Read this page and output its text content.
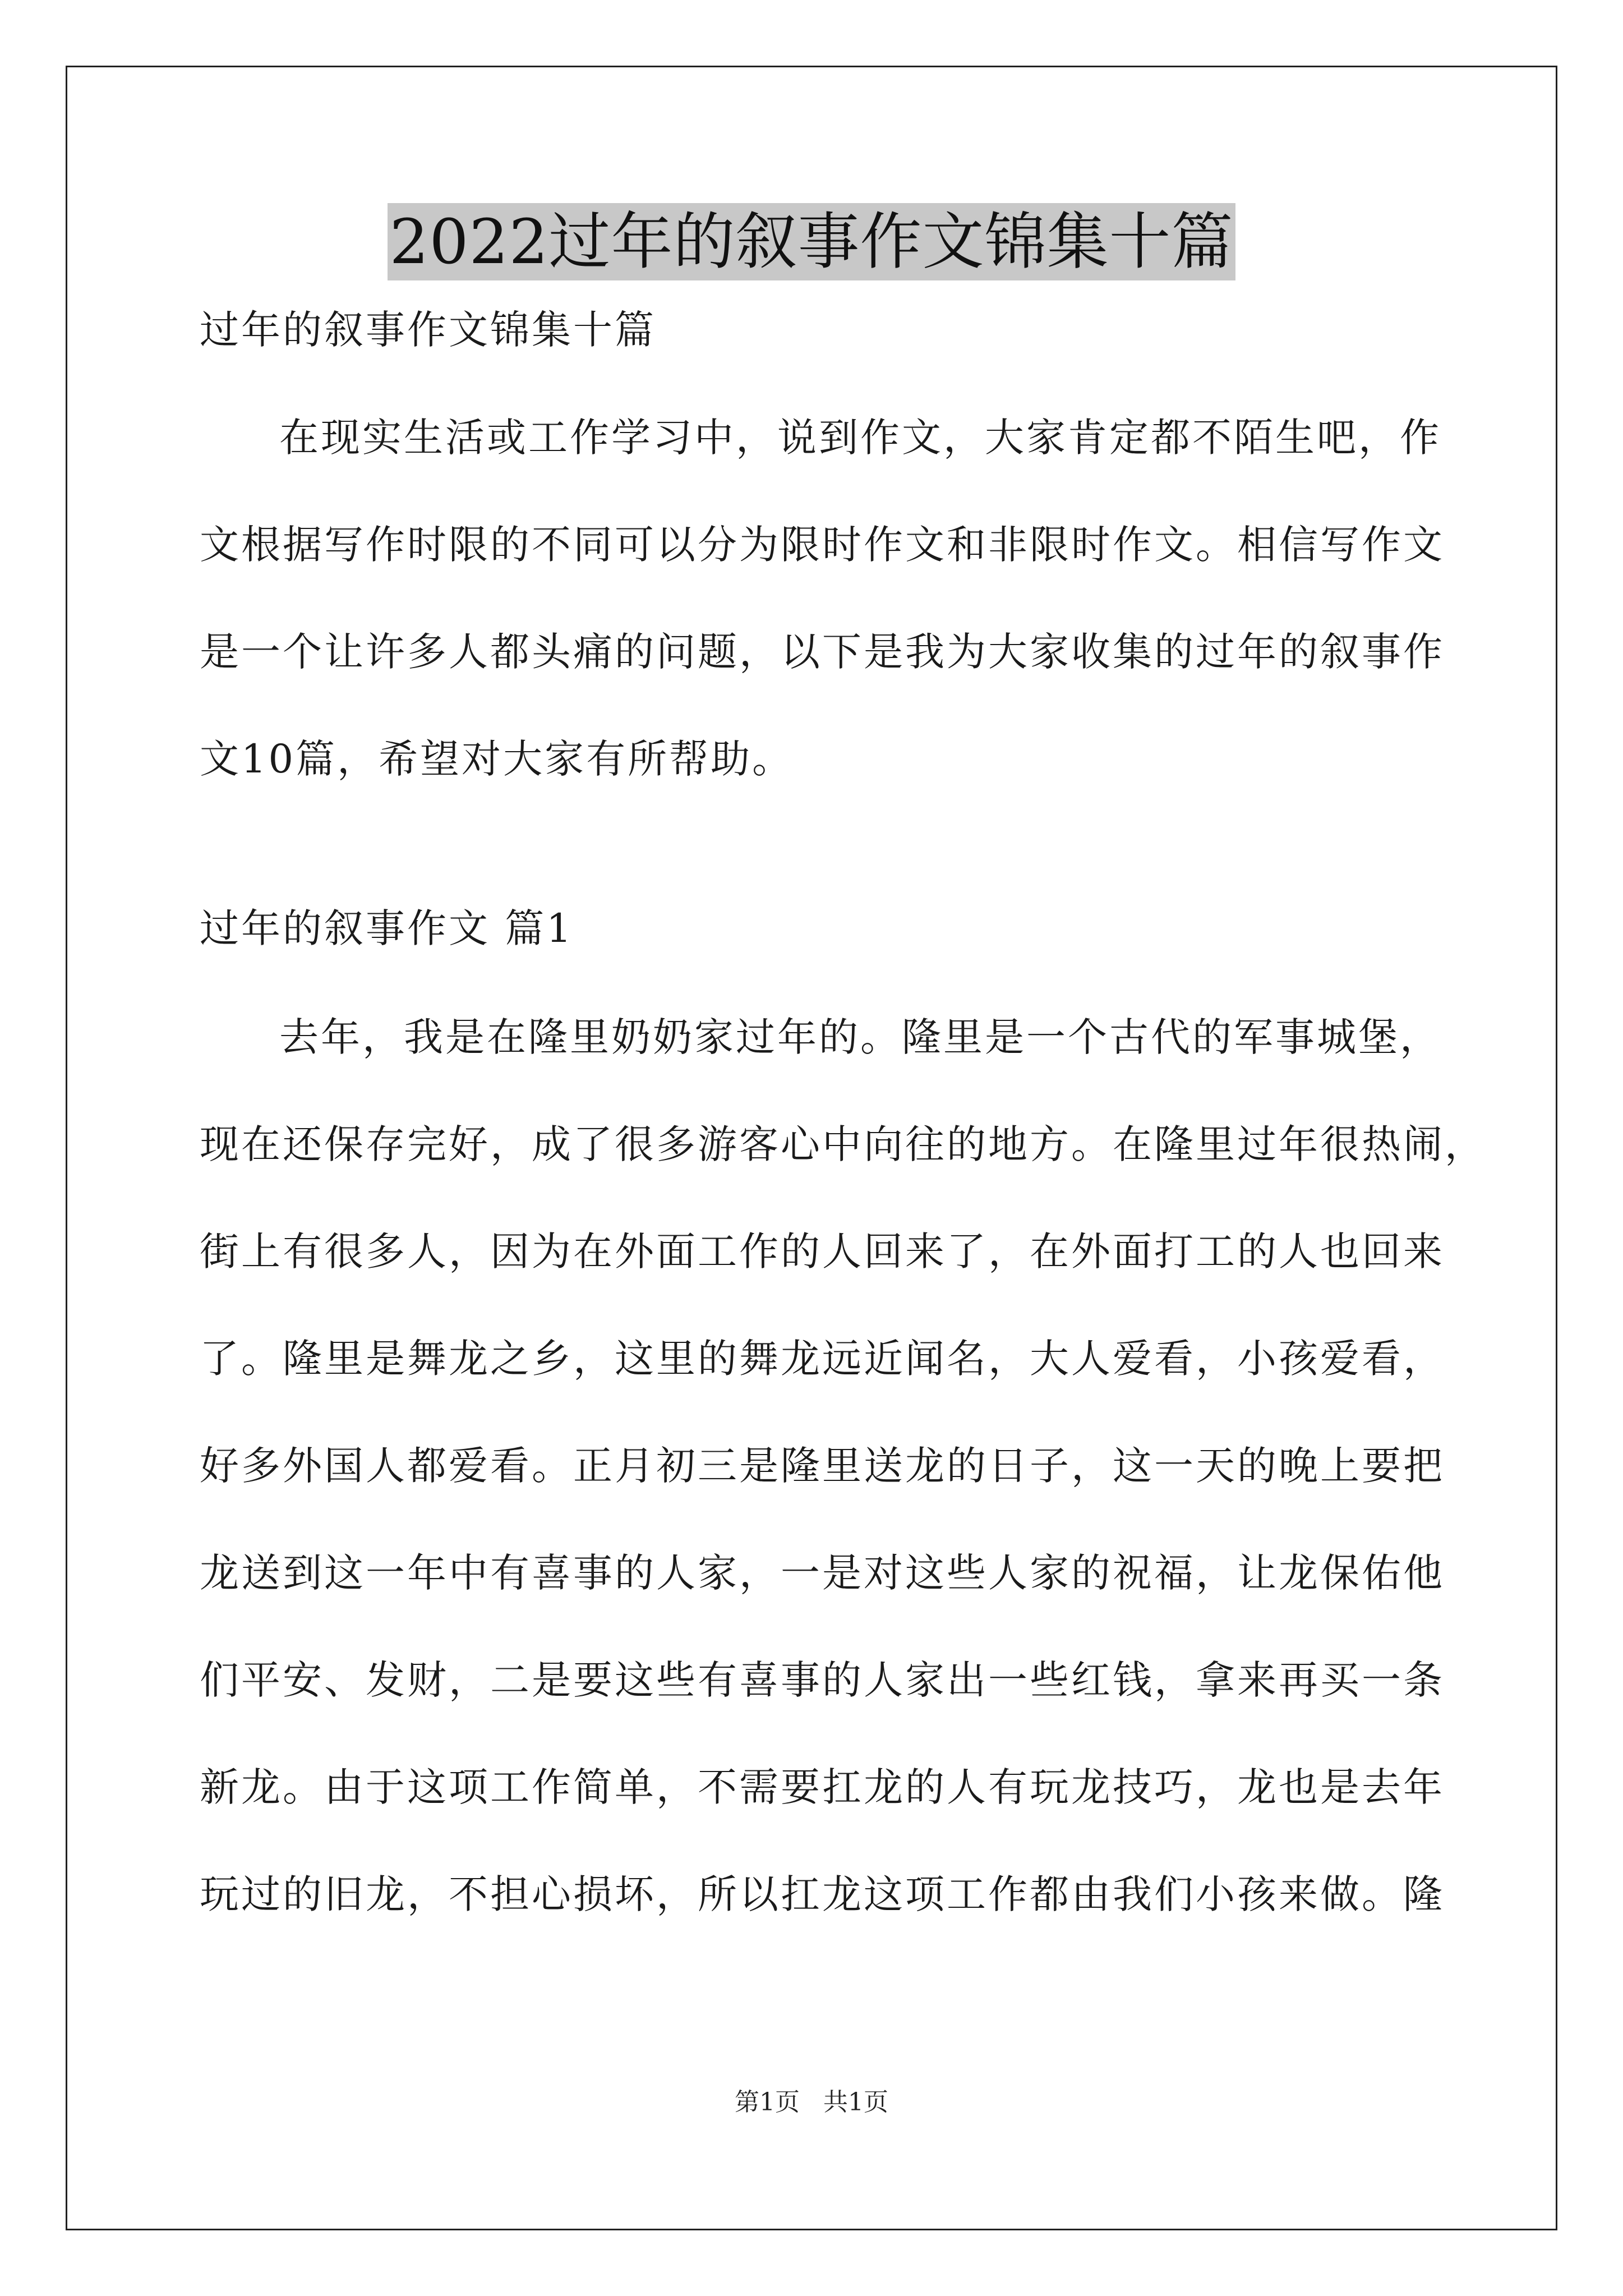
2022过年的叙事作文锦集十篇
过年的叙事作文锦集十篇
在现实生活或工作学习中，说到作文，大家肯定都不陌生吧，作
文根据写作时限的不同可以分为限时作文和非限时作文。相信写作文
是一个让许多人都头痛的问题，以下是我为大家收集的过年的叙事作
文10篇，希望对大家有所帮助。
过年的叙事作文 篇1
去年，我是在隆里奶奶家过年的。隆里是一个古代的军事城堡，
现在还保存完好，成了很多游客心中向往的地方。在隆里过年很热闹，
街上有很多人，因为在外面工作的人回来了，在外面打工的人也回来
了。隆里是舞龙之乡，这里的舞龙远近闻名，大人爱看，小孩爱看，
好多外国人都爱看。正月初三是隆里送龙的日子，这一天的晚上要把
龙送到这一年中有喜事的人家，一是对这些人家的祝福，让龙保佑他
们平安、发财，二是要这些有喜事的人家出一些红钱，拿来再买一条
新龙。由于这项工作简单，不需要扛龙的人有玩龙技巧，龙也是去年
玩过的旧龙，不担心损坏，所以扛龙这项工作都由我们小孩来做。隆
第1页 共1页
